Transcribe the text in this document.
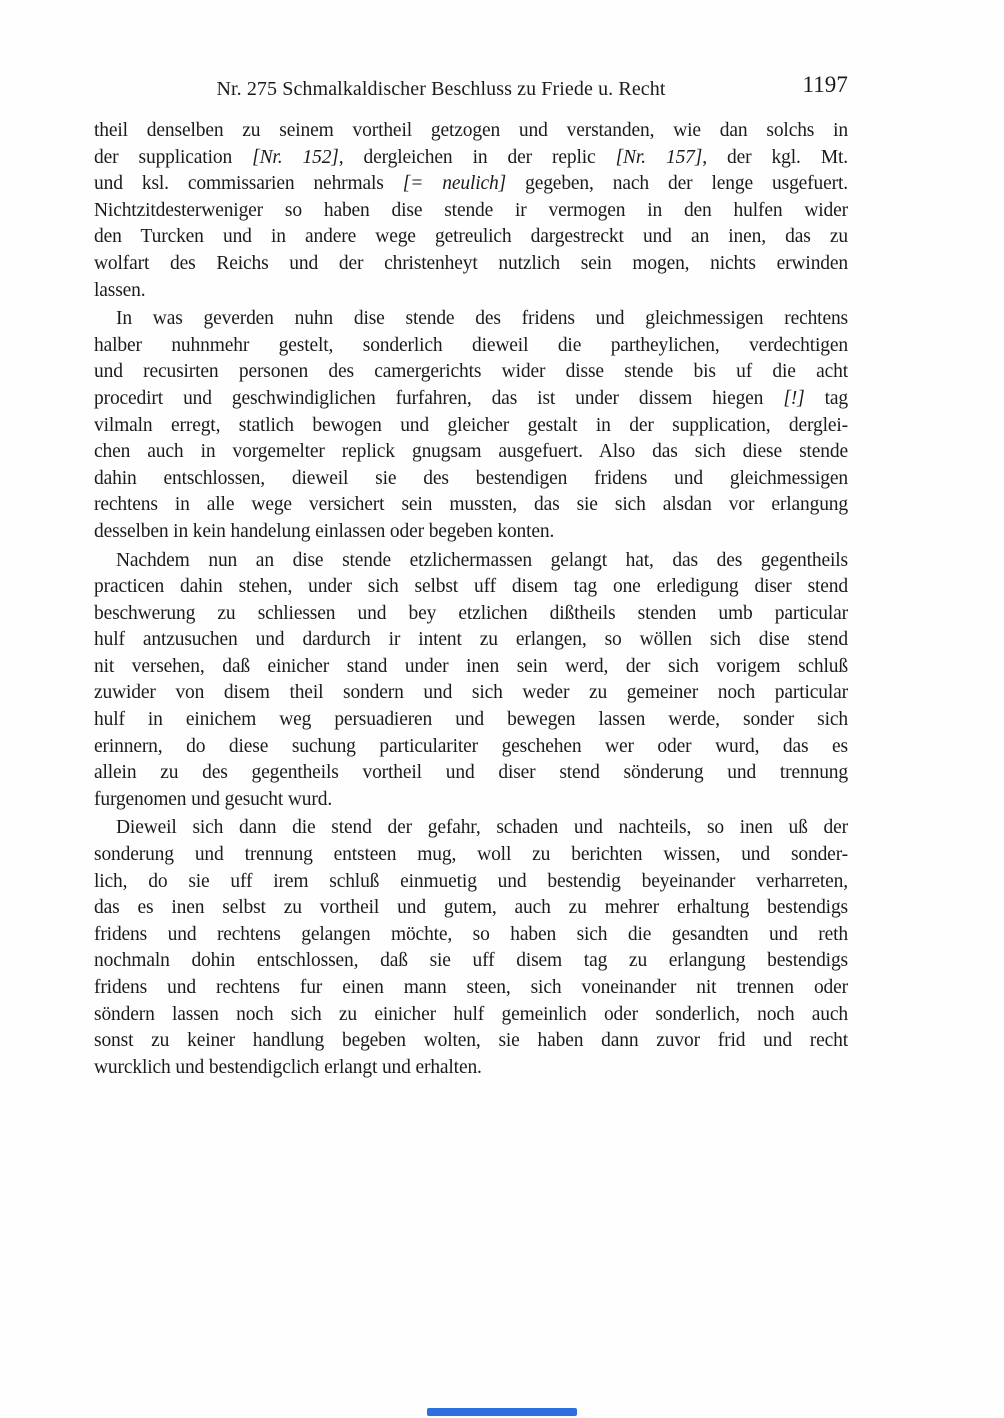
Nr. 275 Schmalkaldischer Beschluss zu Friede u. Recht	1197
theil denselben zu seinem vortheil getzogen und verstanden, wie dan solchs in
der supplication [Nr. 152], dergleichen in der replic [Nr. 157], der kgl. Mt.
und ksl. commissarien nehrmals [= neulich] gegeben, nach der lenge usgefuert.
Nichtzitdesterweniger so haben dise stende ir vermogen in den hulfen wider
den Turcken und in andere wege getreulich dargestreckt und an inen, das zu
wolfart des Reichs und der christenheyt nutzlich sein mogen, nichts erwinden
lassen.
In was geverden nuhn dise stende des fridens und gleichmessigen rechtens
halber nuhnmehr gestelt, sonderlich dieweil die partheylichen, verdechtigen
und recusirten personen des camergerichts wider disse stende bis uf die acht
procedirt und geschwindiglichen furfahren, das ist under dissem hiegen [!] tag
vilmaln erregt, statlich bewogen und gleicher gestalt in der supplication, derglei-
chen auch in vorgemelter replick gnugsam ausgefuert. Also das sich diese stende
dahin entschlossen, dieweil sie des bestendigen fridens und gleichmessigen
rechtens in alle wege versichert sein mussten, das sie sich alsdan vor erlangung
desselben in kein handelung einlassen oder begeben konten.
Nachdem nun an dise stende etzlichermassen gelangt hat, das des gegentheils
practicen dahin stehen, under sich selbst uff disem tag one erledigung diser stend
beschwerung zu schliessen und bey etzlichen dißtheils stenden umb particular
hulf antzusuchen und dardurch ir intent zu erlangen, so wöllen sich dise stend
nit versehen, daß einicher stand under inen sein werd, der sich vorigem schluß
zuwider von disem theil sondern und sich weder zu gemeiner noch particular
hulf in einichem weg persuadieren und bewegen lassen werde, sonder sich
erinnern, do diese suchung particulariter geschehen wer oder wurd, das es
allein zu des gegentheils vortheil und diser stend sönderung und trennung
furgenomen und gesucht wurd.
Dieweil sich dann die stend der gefahr, schaden und nachteils, so inen uß der
sonderung und trennung entsteen mug, woll zu berichten wissen, und sonder-
lich, do sie uff irem schluß einmuetig und bestendig beyeinander verharreten,
das es inen selbst zu vortheil und gutem, auch zu mehrer erhaltung bestendigs
fridens und rechtens gelangen möchte, so haben sich die gesandten und reth
nochmaln dohin entschlossen, daß sie uff disem tag zu erlangung bestendigs
fridens und rechtens fur einen mann steen, sich voneinander nit trennen oder
söndern lassen noch sich zu einicher hulf gemeinlich oder sonderlich, noch auch
sonst zu keiner handlung begeben wolten, sie haben dann zuvor frid und recht
wurcklich und bestendigclich erlangt und erhalten.
